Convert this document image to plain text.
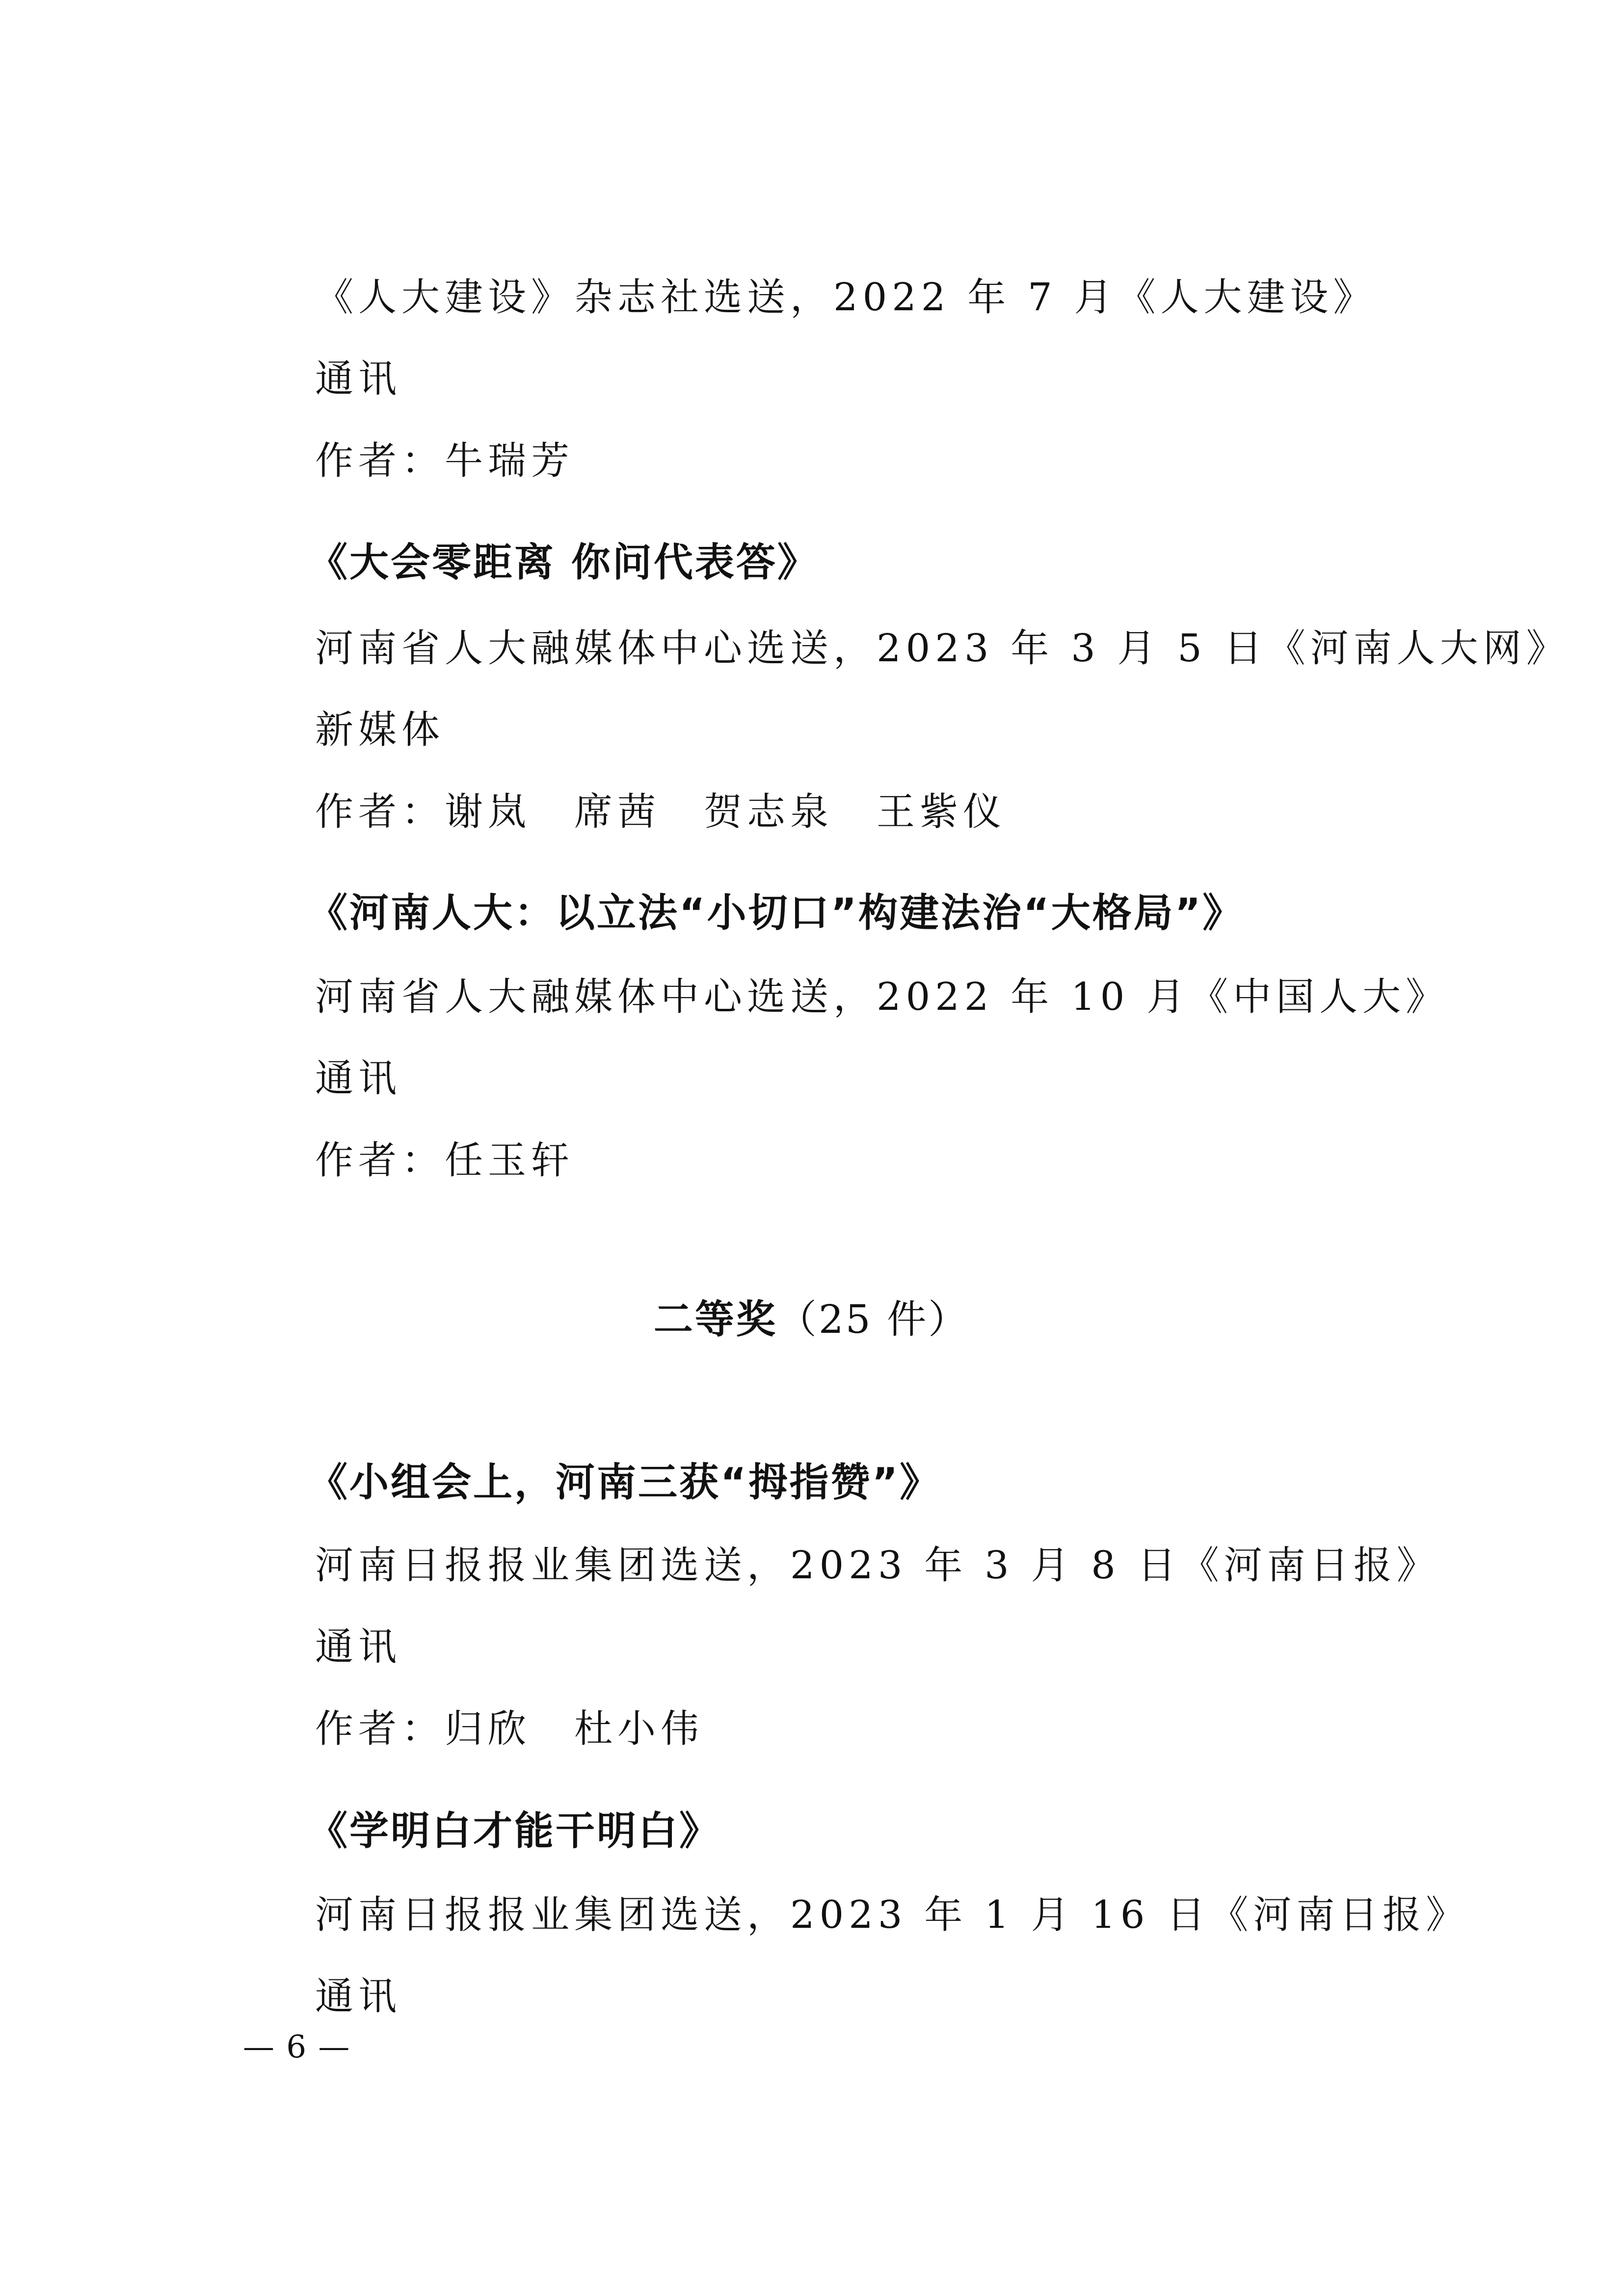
《人大建设》杂志社选送，2022 年 7 月《人大建设》
通讯
作者：牛瑞芳
《大会零距离 你问代表答》
河南省人大融媒体中心选送，2023 年 3 月 5 日《河南人大网》
新媒体
作者：谢岚　席茜　贺志泉　王紫仪
《河南人大：以立法“小切口”构建法治“大格局”》
河南省人大融媒体中心选送，2022 年 10 月《中国人大》
通讯
作者：任玉轩
二等奖（25 件）
《小组会上，河南三获“拇指赞”》
河南日报报业集团选送，2023 年 3 月 8 日《河南日报》
通讯
作者：归欣　杜小伟
《学明白才能干明白》
河南日报报业集团选送，2023 年 1 月 16 日《河南日报》
通讯
— 6 —
